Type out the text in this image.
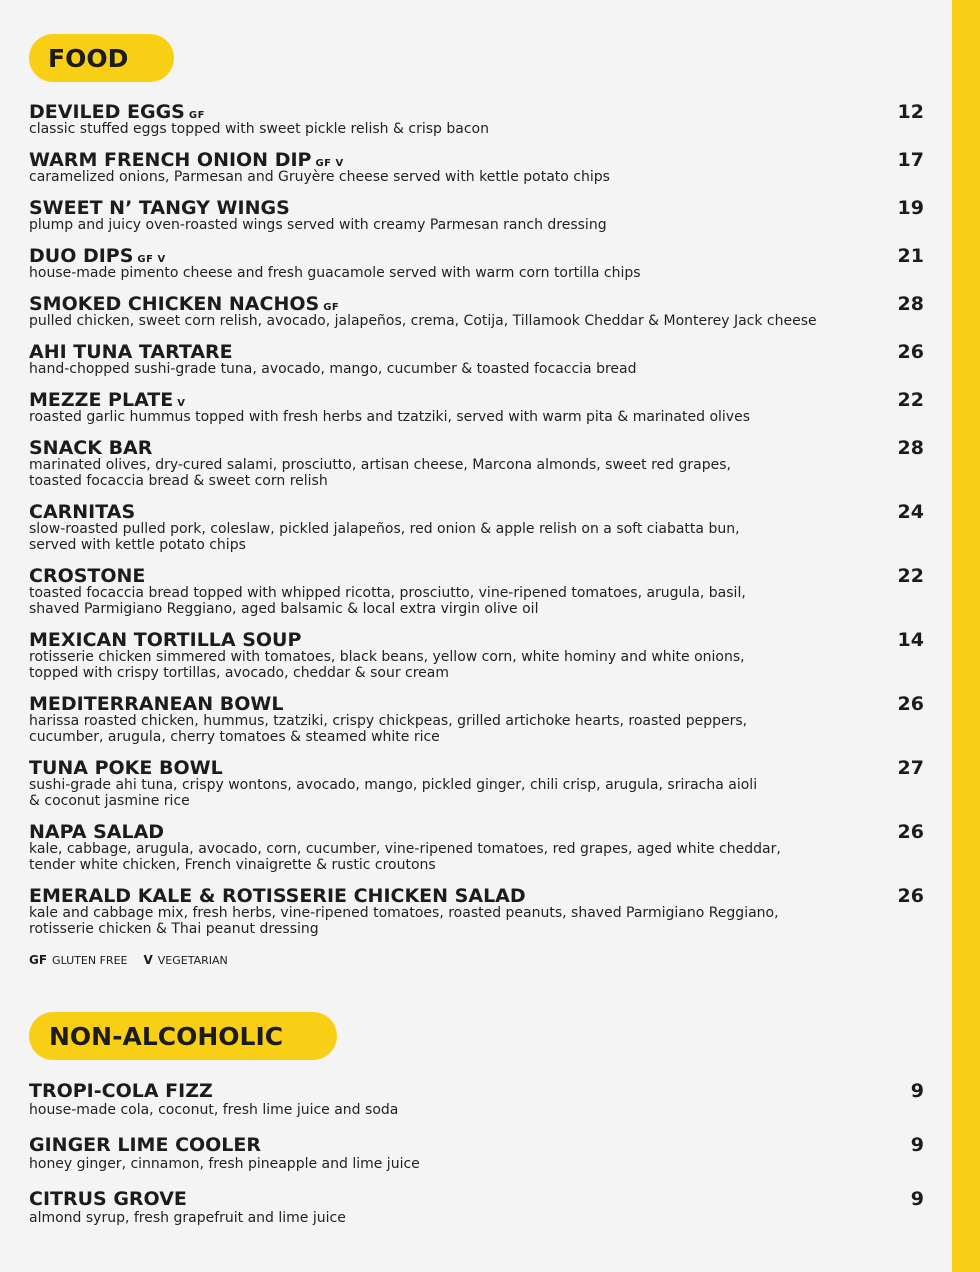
FOOD
DEVILED EGGS GF	12
classic stuffed eggs topped with sweet pickle relish & crisp bacon
WARM FRENCH ONION DIP GF V	17
caramelized onions, Parmesan and Gruyère cheese served with kettle potato chips
SWEET N’ TANGY WINGS	19
plump and juicy oven-roasted wings served with creamy Parmesan ranch dressing
DUO DIPS GF V	21
house-made pimento cheese and fresh guacamole served with warm corn tortilla chips
SMOKED CHICKEN NACHOS GF	28
pulled chicken, sweet corn relish, avocado, jalapeños, crema, Cotija, Tillamook Cheddar & Monterey Jack cheese
AHI TUNA TARTARE	26
hand-chopped sushi-grade tuna, avocado, mango, cucumber & toasted focaccia bread
MEZZE PLATE V	22
roasted garlic hummus topped with fresh herbs and tzatziki, served with warm pita & marinated olives
SNACK BAR	28
marinated olives, dry-cured salami, prosciutto, artisan cheese, Marcona almonds, sweet red grapes,
toasted focaccia bread & sweet corn relish
CARNITAS	24
slow-roasted pulled pork, coleslaw, pickled jalapeños, red onion & apple relish on a soft ciabatta bun,
served with kettle potato chips
CROSTONE	22
toasted focaccia bread topped with whipped ricotta, prosciutto, vine-ripened tomatoes, arugula, basil,
shaved Parmigiano Reggiano, aged balsamic & local extra virgin olive oil
MEXICAN TORTILLA SOUP	14
rotisserie chicken simmered with tomatoes, black beans, yellow corn, white hominy and white onions,
topped with crispy tortillas, avocado, cheddar & sour cream
MEDITERRANEAN BOWL	26
harissa roasted chicken, hummus, tzatziki, crispy chickpeas, grilled artichoke hearts, roasted peppers,
cucumber, arugula, cherry tomatoes & steamed white rice
TUNA POKE BOWL	27
sushi-grade ahi tuna, crispy wontons, avocado, mango, pickled ginger, chili crisp, arugula, sriracha aioli
& coconut jasmine rice
NAPA SALAD	26
kale, cabbage, arugula, avocado, corn, cucumber, vine-ripened tomatoes, red grapes, aged white cheddar,
tender white chicken, French vinaigrette & rustic croutons
EMERALD KALE & ROTISSERIE CHICKEN SALAD	26
kale and cabbage mix, fresh herbs, vine-ripened tomatoes, roasted peanuts, shaved Parmigiano Reggiano,
rotisserie chicken & Thai peanut dressing
GF GLUTEN FREE V VEGETARIAN
NON-ALCOHOLIC
TROPI-COLA FIZZ	9
house-made cola, coconut, fresh lime juice and soda
GINGER LIME COOLER	9
honey ginger, cinnamon, fresh pineapple and lime juice
CITRUS GROVE	9
almond syrup, fresh grapefruit and lime juice
